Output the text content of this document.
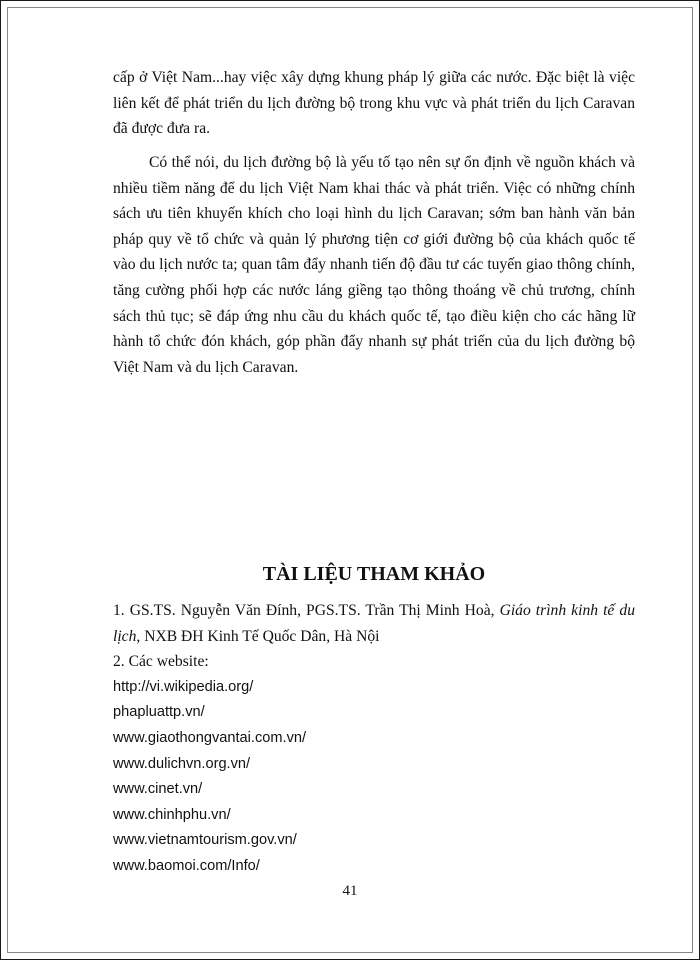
cấp ở Việt Nam...hay việc xây dựng khung pháp lý giữa các nước. Đặc biệt là việc liên kết để phát triển du lịch đường bộ trong khu vực và phát triển du lịch Caravan đã được đưa ra.

Có thể nói, du lịch đường bộ là yếu tố tạo nên sự ổn định về nguồn khách và nhiều tiềm năng để du lịch Việt Nam khai thác và phát triển. Việc có những chính sách ưu tiên khuyến khích cho loại hình du lịch Caravan; sớm ban hành văn bản pháp quy về tổ chức và quản lý phương tiện cơ giới đường bộ của khách quốc tế vào du lịch nước ta; quan tâm đẩy nhanh tiến độ đầu tư các tuyến giao thông chính, tăng cường phối hợp các nước láng giềng tạo thông thoáng về chủ trương, chính sách thủ tục; sẽ đáp ứng nhu cầu du khách quốc tế, tạo điều kiện cho các hãng lữ hành tổ chức đón khách, góp phần đẩy nhanh sự phát triển của du lịch đường bộ Việt Nam và du lịch Caravan.

TÀI LIỆU THAM KHẢO

1. GS.TS. Nguyễn Văn Đính, PGS.TS. Trần Thị Minh Hoà, Giáo trình kinh tế du lịch, NXB ĐH Kinh Tế Quốc Dân, Hà Nội

2. Các website:

http://vi.wikipedia.org/

phapluattp.vn/

www.giaothongvantai.com.vn/

www.dulichvn.org.vn/

www.cinet.vn/

www.chinhphu.vn/

www.vietnamtourism.gov.vn/

www.baomoi.com/Info/

41
